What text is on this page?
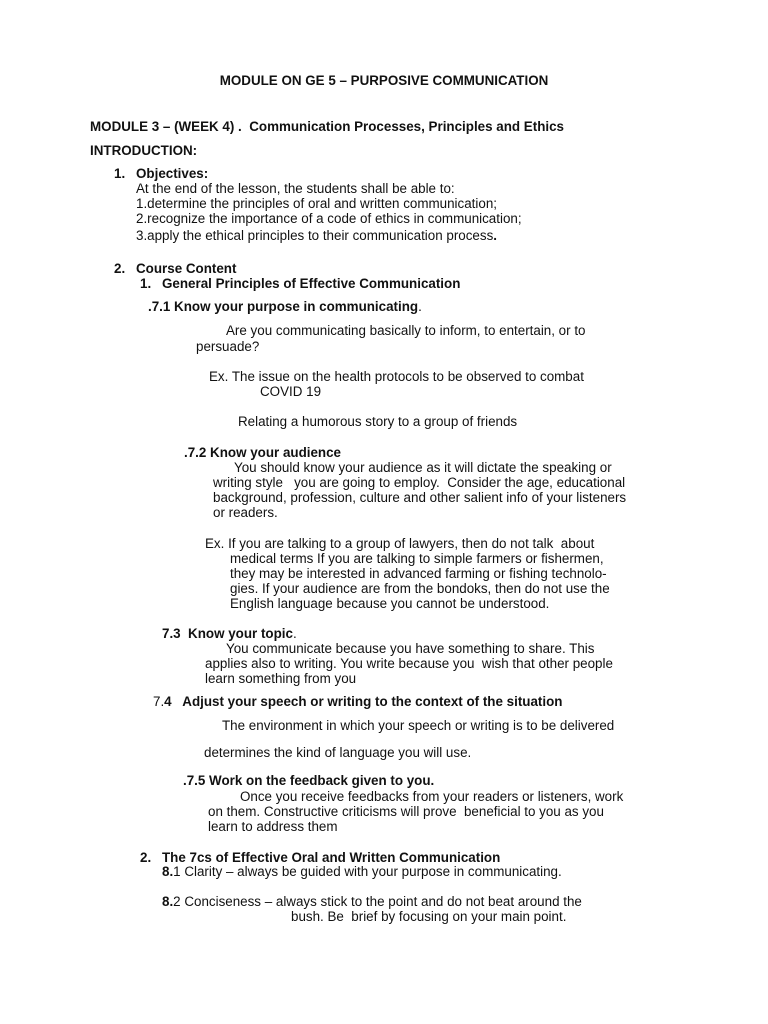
MODULE ON GE 5 – PURPOSIVE COMMUNICATION
MODULE 3 – (WEEK 4) .  Communication Processes, Principles and Ethics
INTRODUCTION:
1. Objectives:
At the end of the lesson, the students shall be able to:
1.determine the principles of oral and written communication;
2.recognize the importance of a code of ethics in communication;
3.apply the ethical principles to their communication process.
2. Course Content
1. General Principles of Effective Communication
.7.1 Know your purpose in communicating.
Are you communicating basically to inform, to entertain, or to
persuade?
Ex. The issue on the health protocols to be observed to combat
COVID 19
Relating a humorous story to a group of friends
.7.2 Know your audience
You should know your audience as it will dictate the speaking or
writing style   you are going to employ.  Consider the age, educational
background, profession, culture and other salient info of your listeners
or readers.
Ex. If you are talking to a group of lawyers, then do not talk  about
medical terms If you are talking to simple farmers or fishermen,
they may be interested in advanced farming or fishing technolo-
gies. If your audience are from the bondoks, then do not use the
English language because you cannot be understood.
7.3  Know your topic.
You communicate because you have something to share. This
applies also to writing. You write because you  wish that other people
learn something from you
7.4   Adjust your speech or writing to the context of the situation
The environment in which your speech or writing is to be delivered
determines the kind of language you will use.
.7.5 Work on the feedback given to you.
Once you receive feedbacks from your readers or listeners, work
on them. Constructive criticisms will prove  beneficial to you as you
learn to address them
2. The 7cs of Effective Oral and Written Communication
8.1 Clarity – always be guided with your purpose in communicating.
8.2 Conciseness – always stick to the point and do not beat around the
bush. Be  brief by focusing on your main point.
